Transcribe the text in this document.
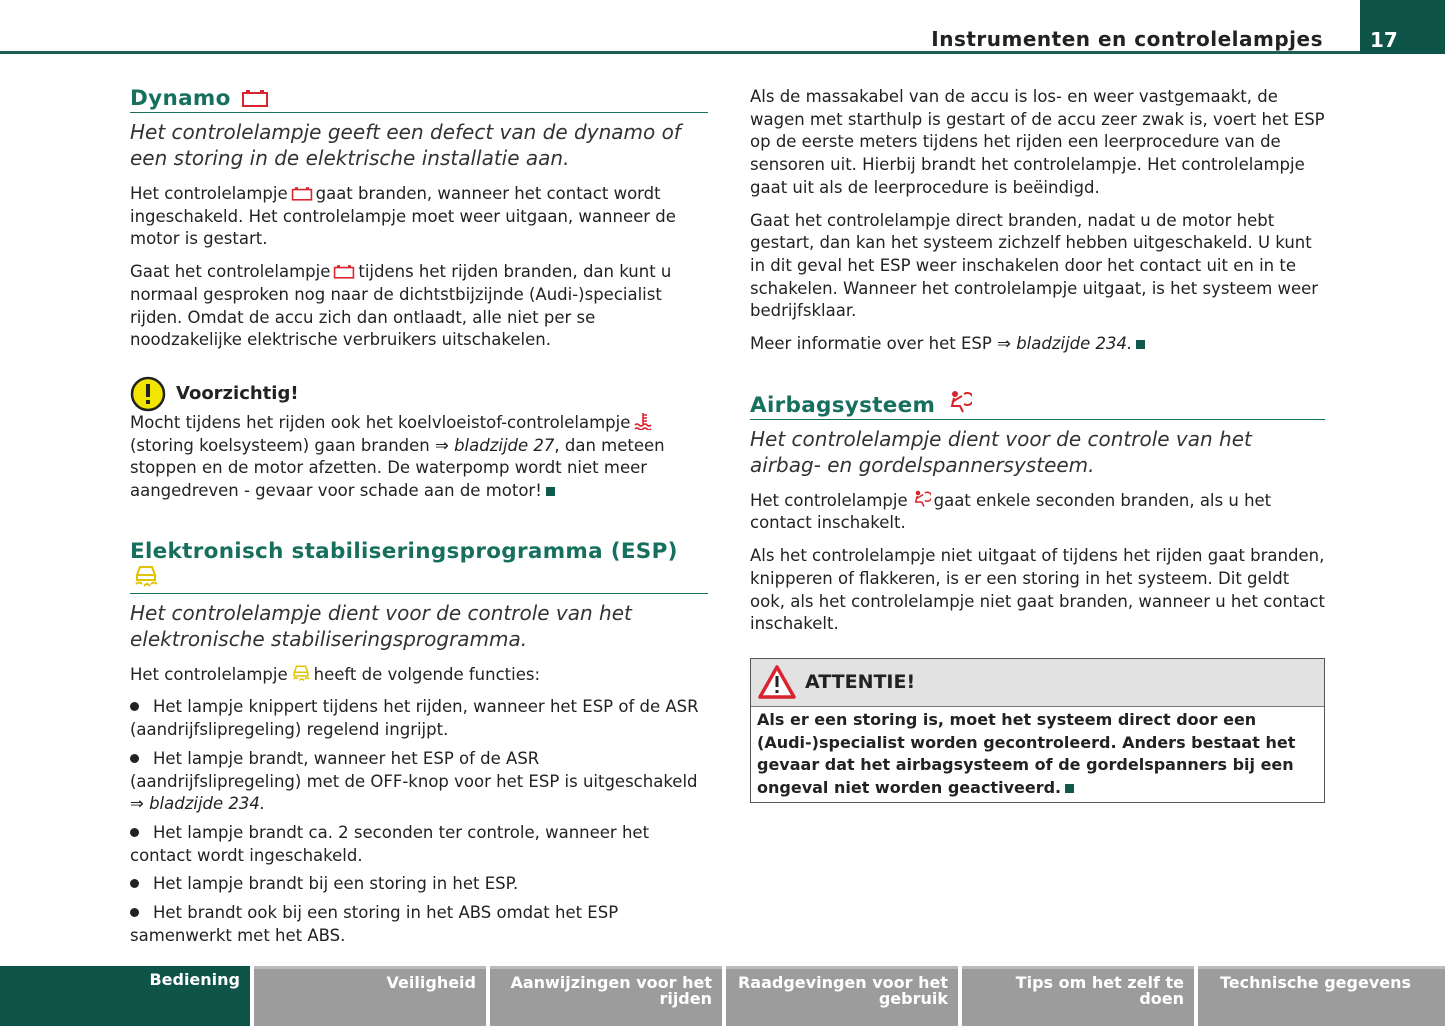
Instrumenten en controlelampjes	17
Dynamo
Het controlelampje geeft een defect van de dynamo of een storing in de elektrische installatie aan.

Het controlelampje gaat branden, wanneer het contact wordt ingeschakeld. Het controlelampje moet weer uitgaan, wanneer de motor is gestart.

Gaat het controlelampje tijdens het rijden branden, dan kunt u normaal gesproken nog naar de dichtstbijzijnde (Audi-)specialist rijden. Omdat de accu zich dan ontlaadt, alle niet per se noodzakelijke elektrische verbruikers uitschakelen.

Voorzichtig!

Mocht tijdens het rijden ook het koelvloeistof-controlelampje (storing koelsysteem) gaan branden ⇒ bladzijde 27, dan meteen stoppen en de motor afzetten. De waterpomp wordt niet meer aangedreven - gevaar voor schade aan de motor!

Elektronisch stabiliseringsprogramma (ESP)
Het controlelampje dient voor de controle van het elektronische stabiliseringsprogramma.

Het controlelampje heeft de volgende functies:

Het lampje knippert tijdens het rijden, wanneer het ESP of de ASR (aandrijfslipregeling) regelend ingrijpt.

Het lampje brandt, wanneer het ESP of de ASR (aandrijfslipregeling) met de OFF-knop voor het ESP is uitgeschakeld
⇒ bladzijde 234.

Het lampje brandt ca. 2 seconden ter controle, wanneer het contact wordt ingeschakeld.

Het lampje brandt bij een storing in het ESP.

Het brandt ook bij een storing in het ABS omdat het ESP samenwerkt met het ABS.

Als de massakabel van de accu is los- en weer vastgemaakt, de wagen met starthulp is gestart of de accu zeer zwak is, voert het ESP op de eerste meters tijdens het rijden een leerprocedure van de sensoren uit. Hierbij brandt het controlelampje. Het controlelampje gaat uit als de leerprocedure is beëindigd.

Gaat het controlelampje direct branden, nadat u de motor hebt gestart, dan kan het systeem zichzelf hebben uitgeschakeld. U kunt in dit geval het ESP weer inschakelen door het contact uit en in te schakelen. Wanneer het controlelampje uitgaat, is het systeem weer bedrijfsklaar.

Meer informatie over het ESP ⇒ bladzijde 234.

Airbagsysteem
Het controlelampje dient voor de controle van het airbag- en gordelspannersysteem.

Het controlelampje gaat enkele seconden branden, als u het contact inschakelt.

Als het controlelampje niet uitgaat of tijdens het rijden gaat branden, knipperen of flakkeren, is er een storing in het systeem. Dit geldt ook, als het controlelampje niet gaat branden, wanneer u het contact inschakelt.

ATTENTIE!
Als er een storing is, moet het systeem direct door een (Audi-)specialist worden gecontroleerd. Anders bestaat het gevaar dat het airbagsysteem of de gordelspanners bij een ongeval niet worden geactiveerd.
Bediening	Veiligheid	Aanwijzingen voor het rijden
Raadgevingen voor het gebruik
Tips om het zelf te doen
Technische gegevens
